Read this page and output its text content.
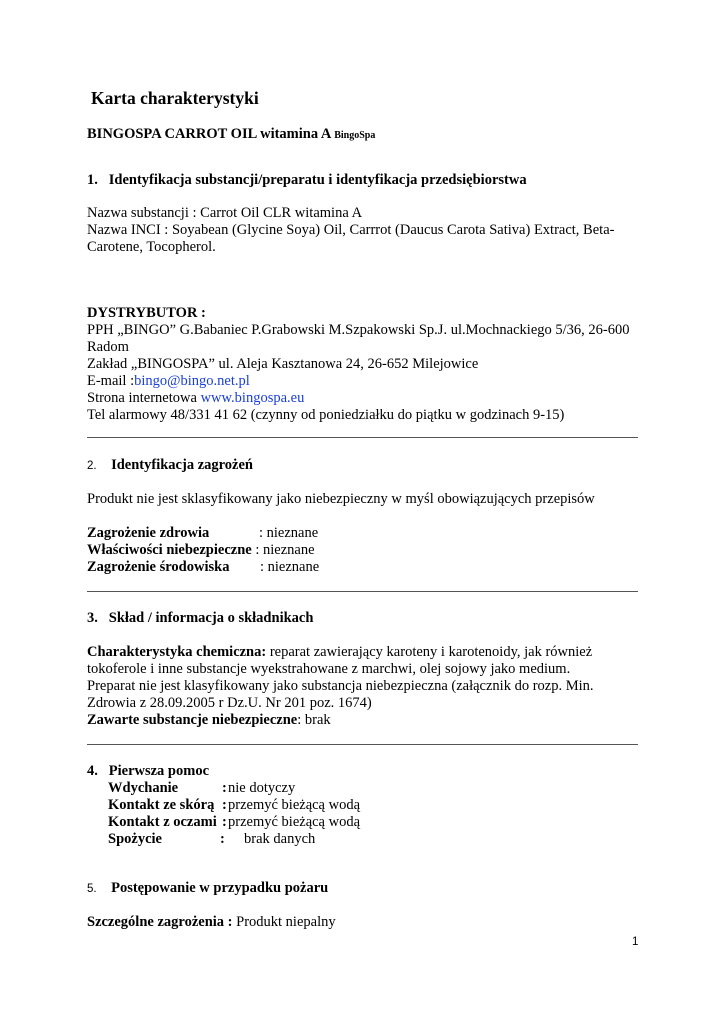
Karta charakterystyki
BINGOSPA CARROT OIL witamina A BingoSpa
1. Identyfikacja substancji/preparatu i identyfikacja przedsiębiorstwa
Nazwa substancji : Carrot Oil CLR witamina A
Nazwa INCI : Soyabean (Glycine Soya) Oil, Carrrot (Daucus Carota Sativa) Extract, Beta-
Carotene, Tocopherol.
DYSTRYBUTOR :
PPH „BINGO” G.Babaniec P.Grabowski M.Szpakowski Sp.J. ul.Mochnackiego 5/36, 26-600
Radom
Zakład „BINGOSPA” ul. Aleja Kasztanowa 24, 26-652 Milejowice
E-mail :bingo@bingo.net.pl
Strona internetowa www.bingospa.eu
Tel alarmowy 48/331 41 62 (czynny od poniedziałku do piątku w godzinach 9-15)
2. Identyfikacja zagrożeń
Produkt nie jest sklasyfikowany jako niebezpieczny w myśl obowiązujących przepisów
Zagrożenie zdrowia	: nieznane
Właściwości niebezpieczne : nieznane
Zagrożenie środowiska : nieznane
3. Skład / informacja o składnikach
Charakterystyka chemiczna: reparat zawierający karoteny i karotenoidy, jak również
tokoferole i inne substancje wyekstrahowane z marchwi, olej sojowy jako medium.
Preparat nie jest klasyfikowany jako substancja niebezpieczna (załącznik do rozp. Min.
Zdrowia z 28.09.2005 r Dz.U. Nr 201 poz. 1674)
Zawarte substancje niebezpieczne: brak
4. Pierwsza pomoc
Wdychanie	: nie dotyczy
Kontakt ze skórą : przemyć bieżącą wodą
Kontakt z oczami : przemyć bieżącą wodą
Spożycie	: brak danych
5. Postępowanie w przypadku pożaru
Szczególne zagrożenia : Produkt niepalny
1
